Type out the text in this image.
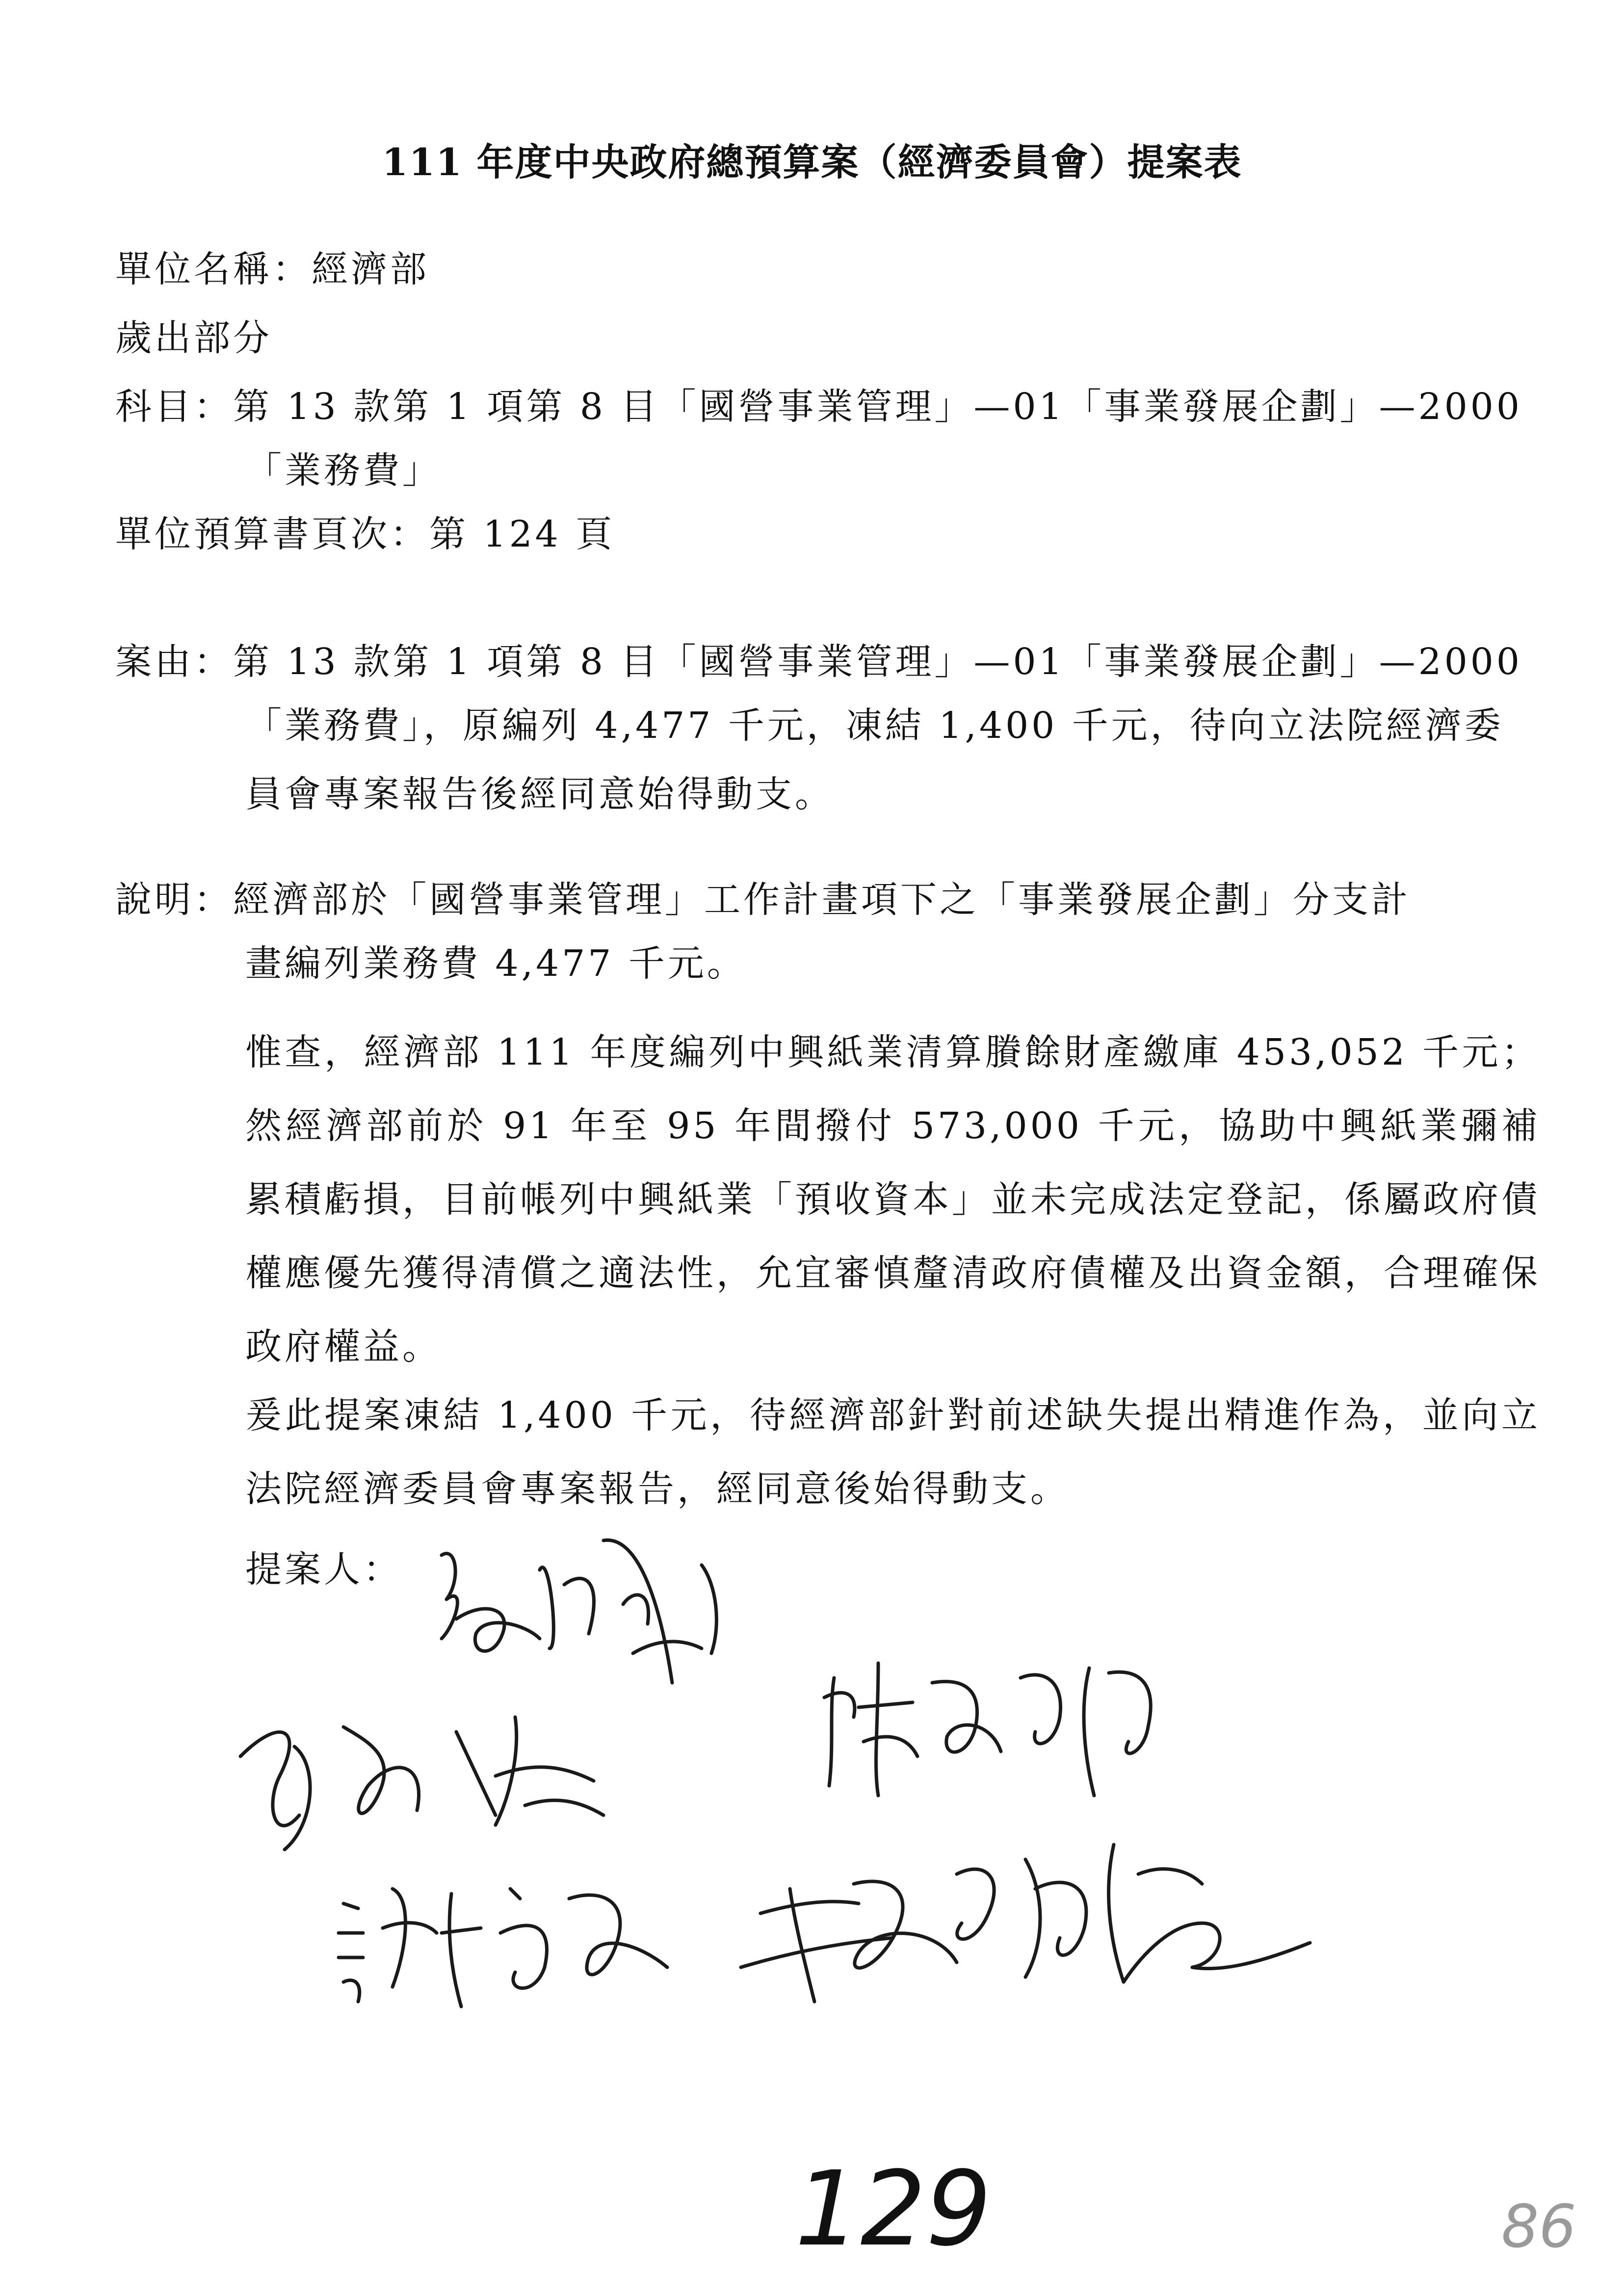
111 年度中央政府總預算案（經濟委員會）提案表
單位名稱：經濟部
歲出部分
科目：第 13 款第 1 項第 8 目「國營事業管理」—01「事業發展企劃」—2000
「業務費」
單位預算書頁次：第 124 頁
案由：第 13 款第 1 項第 8 目「國營事業管理」—01「事業發展企劃」—2000
「業務費」，原編列 4,477 千元，凍結 1,400 千元，待向立法院經濟委
員會專案報告後經同意始得動支。
說明：經濟部於「國營事業管理」工作計畫項下之「事業發展企劃」分支計
畫編列業務費 4,477 千元。
惟查，經濟部 111 年度編列中興紙業清算賸餘財產繳庫 453,052 千元；然經濟部前於 91 年至 95 年間撥付 573,000 千元，協助中興紙業彌補累積虧損，目前帳列中興紙業「預收資本」並未完成法定登記，係屬政府債權應優先獲得清償之適法性，允宜審慎釐清政府債權及出資金額，合理確保政府權益。
爰此提案凍結 1,400 千元，待經濟部針對前述缺失提出精進作為，並向立法院經濟委員會專案報告，經同意後始得動支。
提案人：
129	86
